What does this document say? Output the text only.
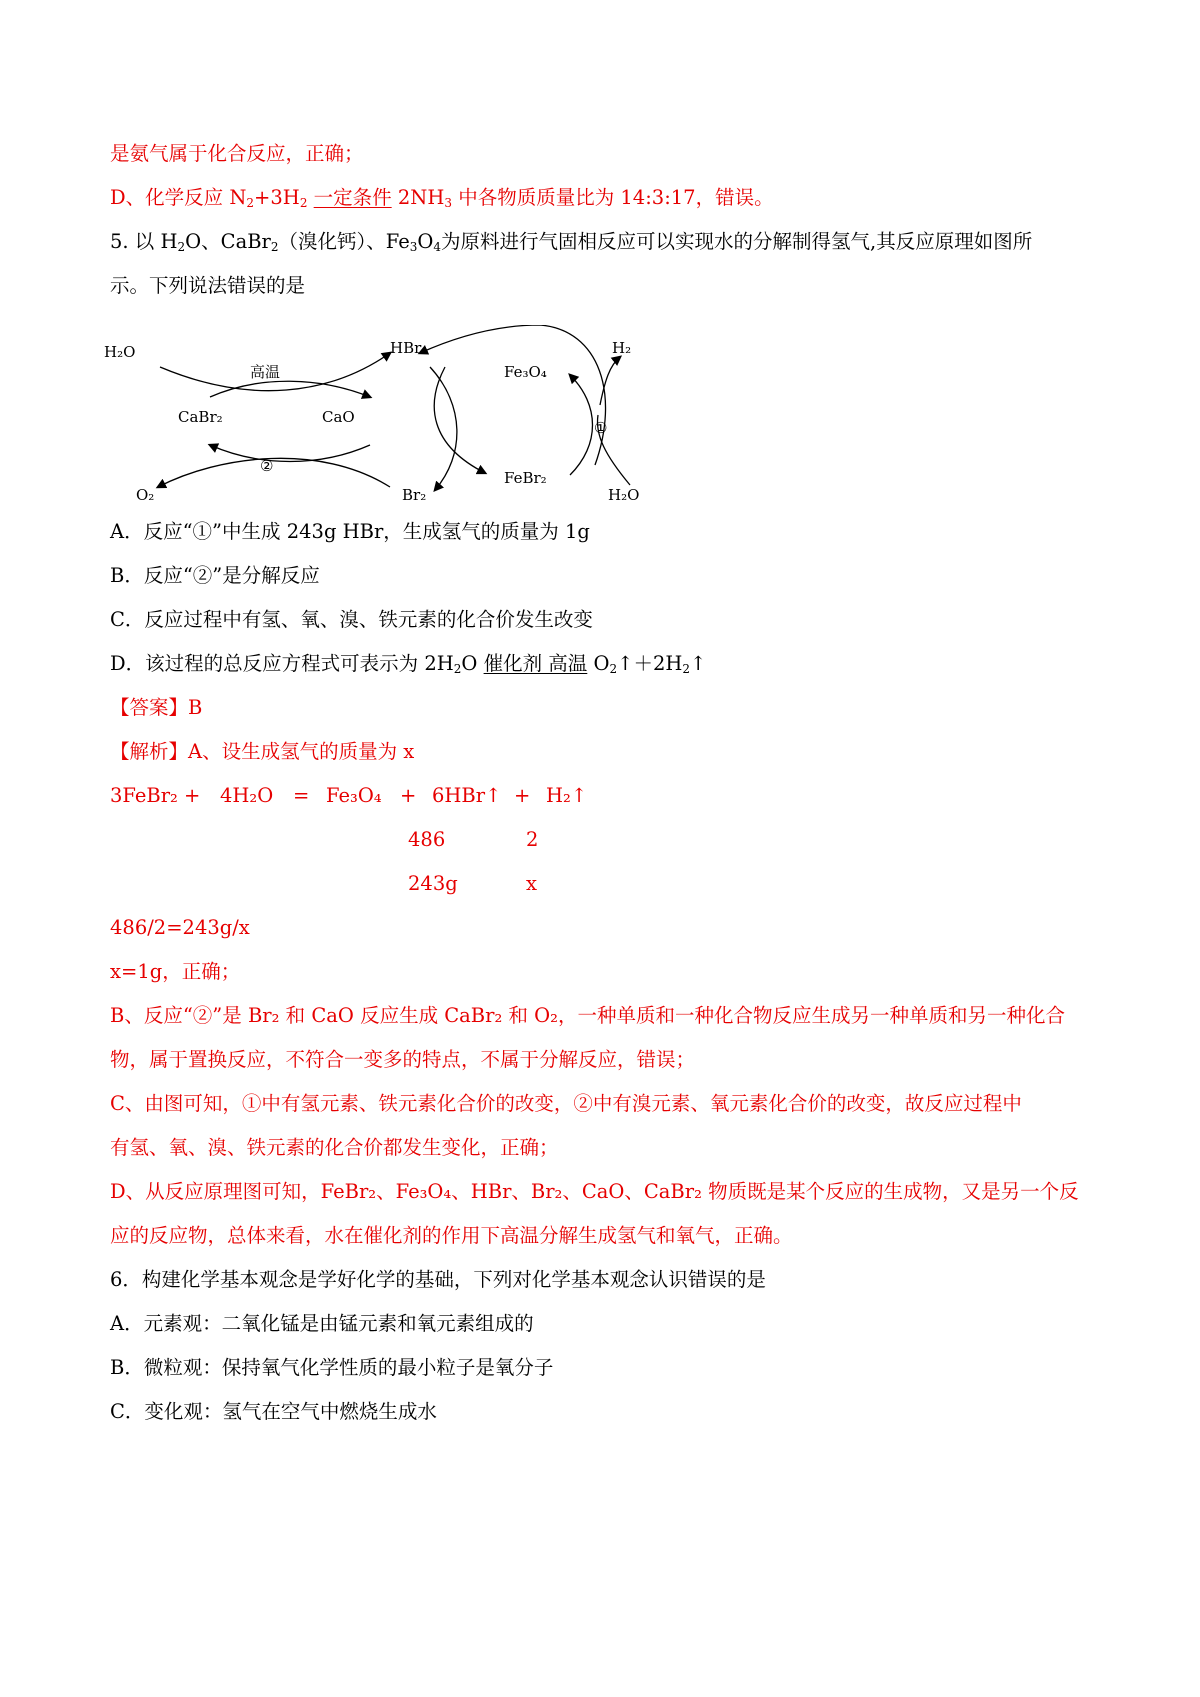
是氨气属于化合反应，正确；
D、化学反应 $N_2+3H_2$ 一定条件 $2NH_3$ 中各物质质量比为 14:3:17，错误。
5. 以 $H_2O$、CaBr$_2$（溴化钙）、$Fe_3O_4$为原料进行气固相反应可以实现水的分解制得氢气,其反应原理如图所
示。下列说法错误的是
H₂O
高温
CaBr₂	CaO
②
O₂
HBr
Br₂
Fe₃O₄
FeBr₂
H₂
①
H₂O
A．反应“①”中生成 243g HBr，生成氢气的质量为 1g
B．反应“②”是分解反应
C．反应过程中有氢、氧、溴、铁元素的化合价发生改变
D．该过程的总反应方程式可表示为 $2H_2O$ 催化剂 高温 $O_2↑+2H_2↑$
【答案】B
【解析】A、设生成氢气的质量为 x
3FeBr₂ + 4H₂O = Fe₃O₄ + 6HBr↑ + H₂↑
486	2
243g	x
486/2=243g/x
x=1g，正确；
B、反应“②”是 Br₂ 和 CaO 反应生成 CaBr₂ 和 O₂，一种单质和一种化合物反应生成另一种单质和另一种化合
物，属于置换反应，不符合一变多的特点，不属于分解反应，错误；
C、由图可知，①中有氢元素、铁元素化合价的改变，②中有溴元素、氧元素化合价的改变，故反应过程中
有氢、氧、溴、铁元素的化合价都发生变化，正确；
D、从反应原理图可知，FeBr₂、Fe₃O₄、HBr、Br₂、CaO、CaBr₂ 物质既是某个反应的生成物，又是另一个反
应的反应物，总体来看，水在催化剂的作用下高温分解生成氢气和氧气，正确。
6．构建化学基本观念是学好化学的基础，下列对化学基本观念认识错误的是
A．元素观：二氧化锰是由锰元素和氧元素组成的
B．微粒观：保持氧气化学性质的最小粒子是氧分子
C．变化观：氢气在空气中燃烧生成水
